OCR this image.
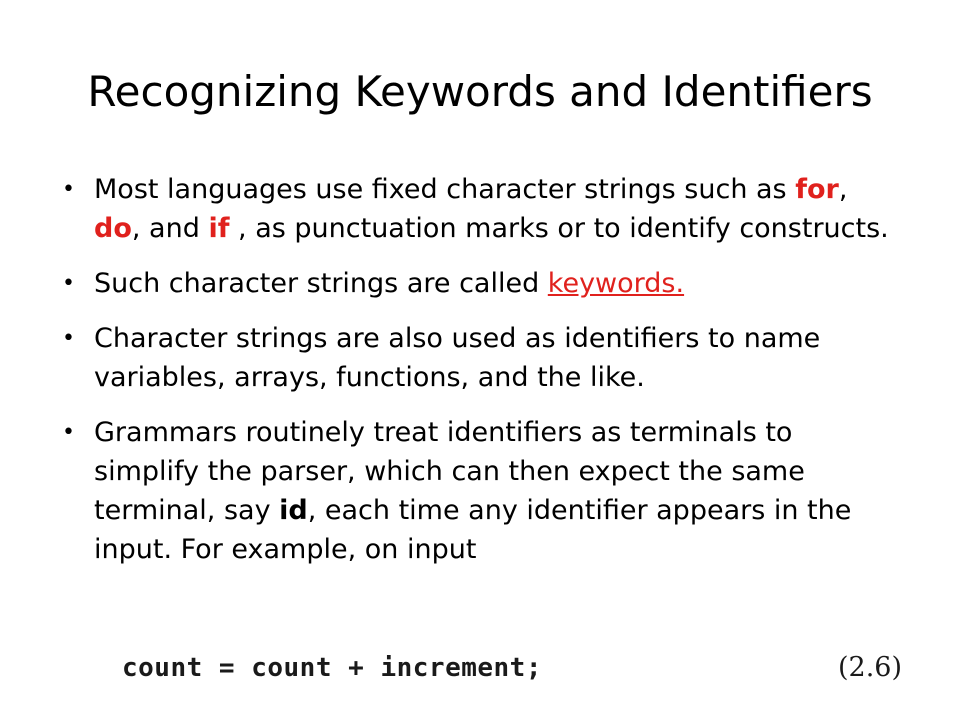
Recognizing Keywords and Identifiers
• Most languages use fixed character strings such as for, do, and if , as punctuation marks or to identify constructs.
• Such character strings are called keywords.
• Character strings are also used as identifiers to name variables, arrays, functions, and the like.
• Grammars routinely treat identifiers as terminals to simplify the parser, which can then expect the same terminal, say id, each time any identifier appears in the input. For example, on input
count = count + increment;	(2.6)
